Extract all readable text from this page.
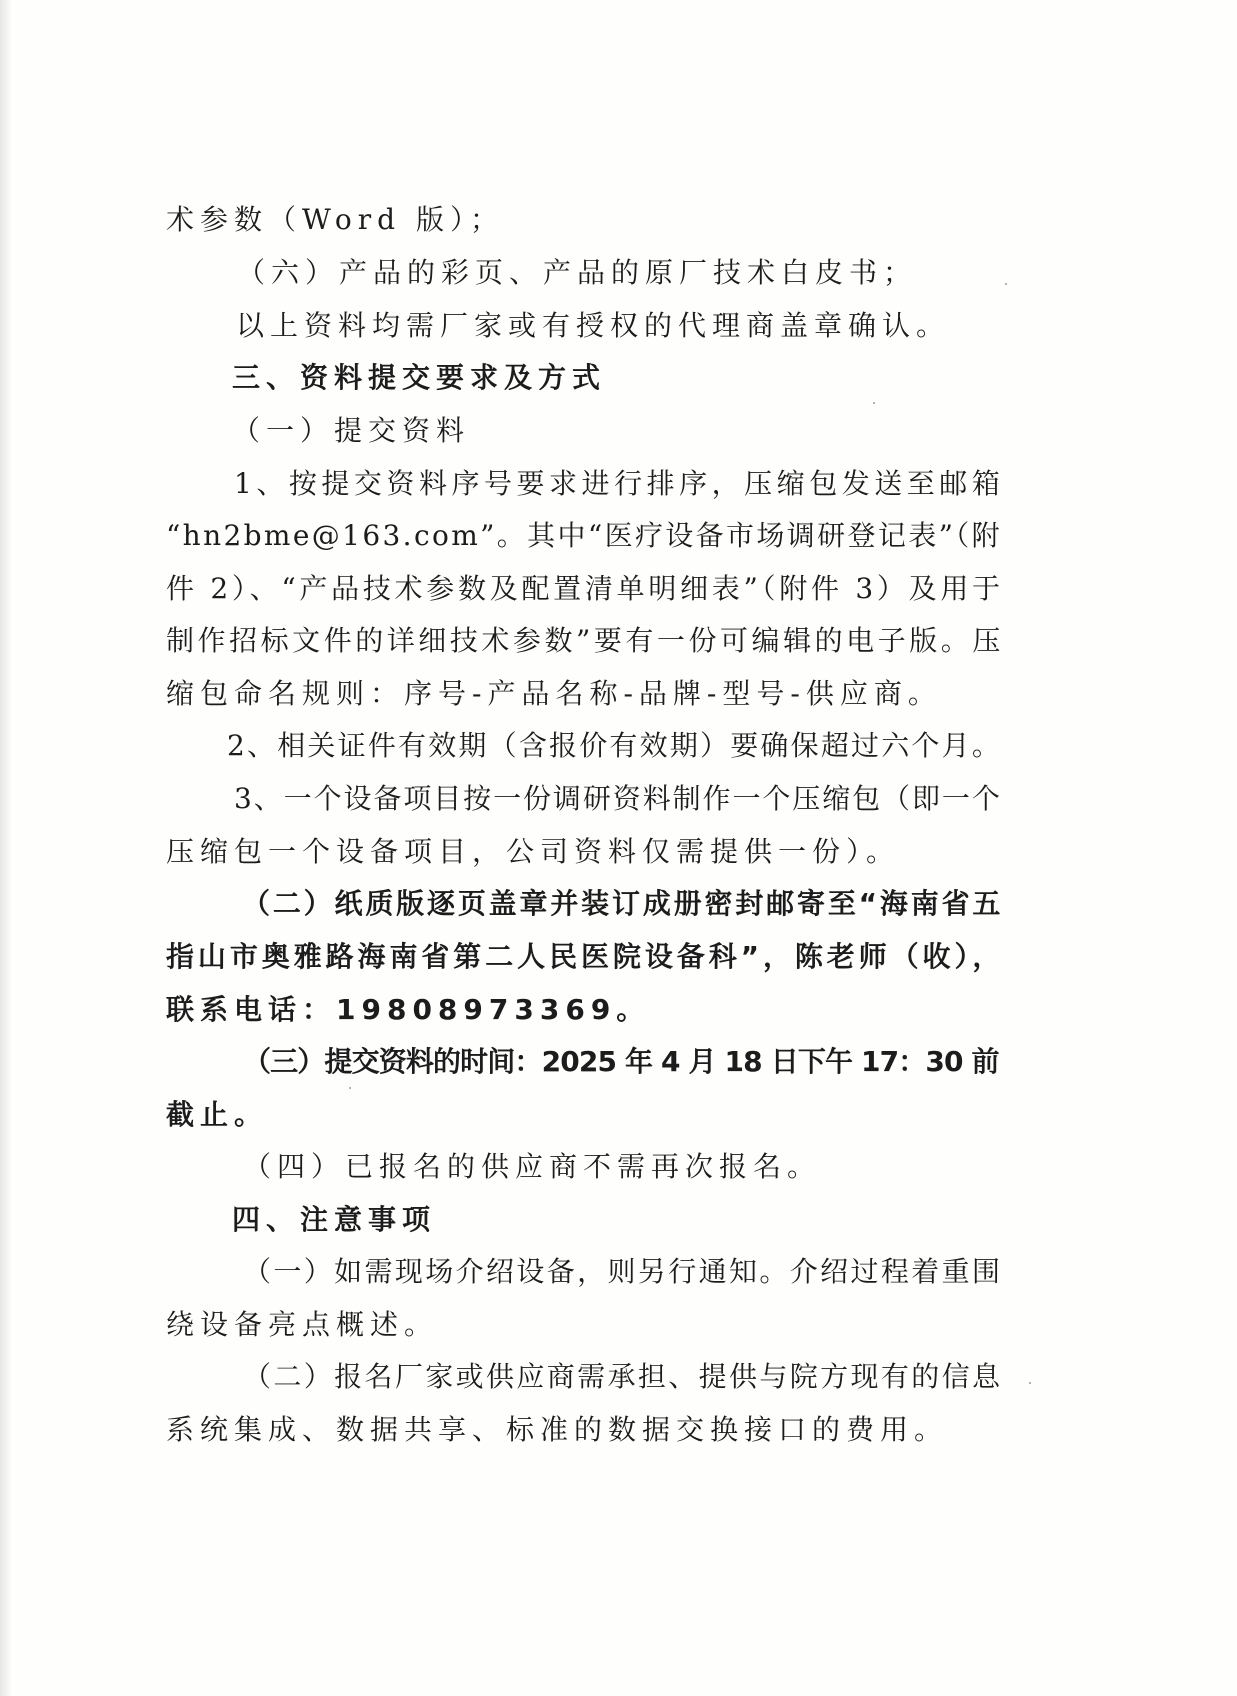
术参数（Word 版）；
（六）产品的彩页、产品的原厂技术白皮书；
以上资料均需厂家或有授权的代理商盖章确认。
三、资料提交要求及方式
（一）提交资料
1、按提交资料序号要求进行排序，压缩包发送至邮箱
“hn2bme@163.com”。其中“医疗设备市场调研登记表”（附
件 2）、“产品技术参数及配置清单明细表”（附件 3）及用于
制作招标文件的详细技术参数”要有一份可编辑的电子版。压
缩包命名规则：序号-产品名称-品牌-型号-供应商。
2、相关证件有效期（含报价有效期）要确保超过六个月。
3、一个设备项目按一份调研资料制作一个压缩包（即一个
压缩包一个设备项目，公司资料仅需提供一份）。
（二）纸质版逐页盖章并装订成册密封邮寄至“海南省五
指山市奥雅路海南省第二人民医院设备科”，陈老师（收），
联系电话：19808973369。
（三）提交资料的时间：2025 年 4 月 18 日下午 17：30 前
截止。
（四）已报名的供应商不需再次报名。
四、注意事项
（一）如需现场介绍设备，则另行通知。介绍过程着重围
绕设备亮点概述。
（二）报名厂家或供应商需承担、提供与院方现有的信息
系统集成、数据共享、标准的数据交换接口的费用。
